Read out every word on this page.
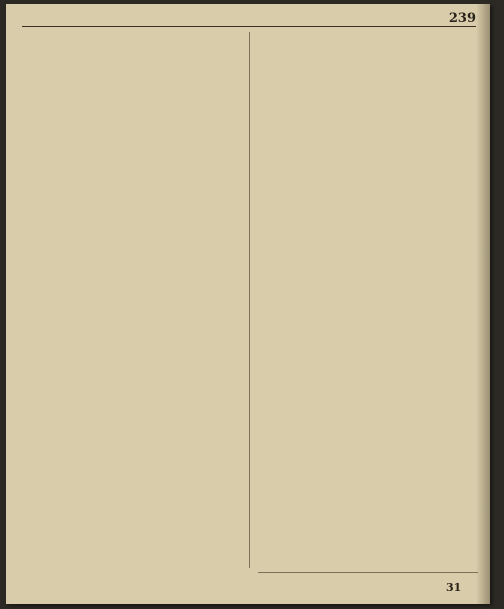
239

31
